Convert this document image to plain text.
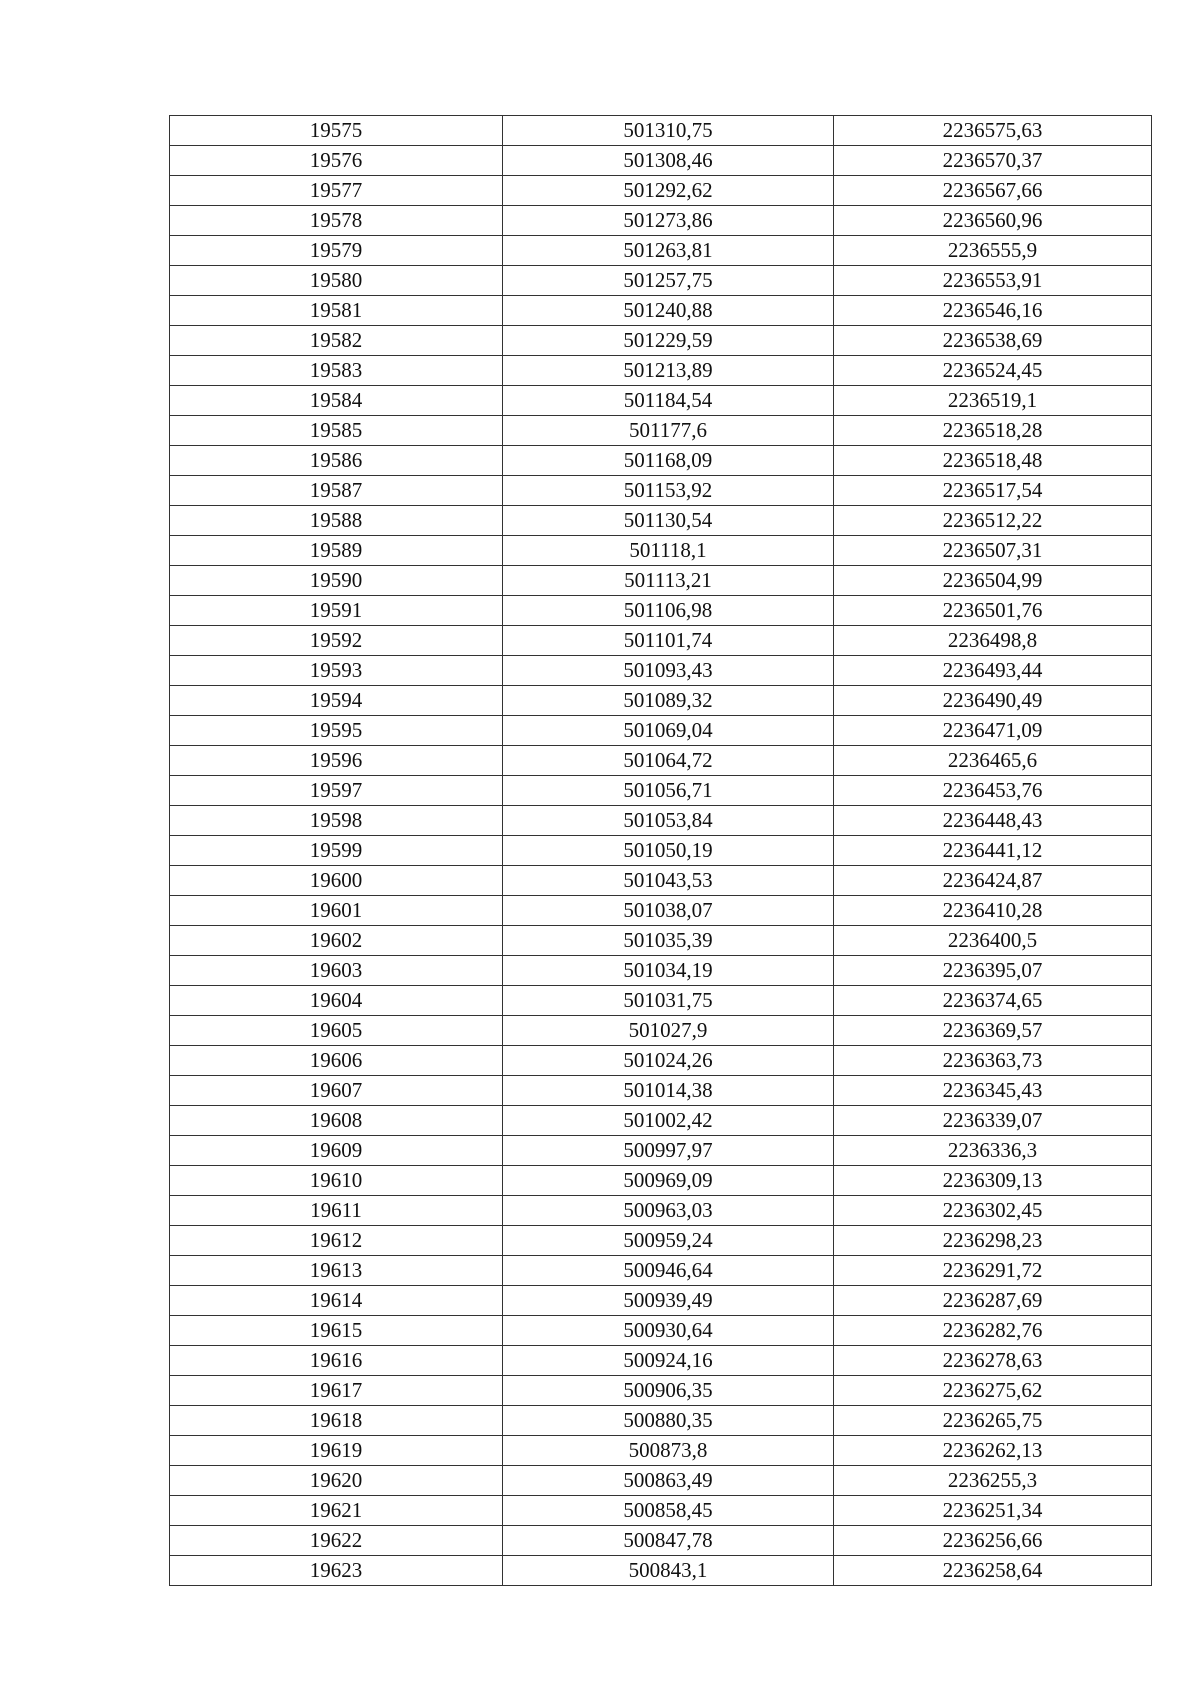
19575	501310,75	2236575,63
19576	501308,46	2236570,37
19577	501292,62	2236567,66
19578	501273,86	2236560,96
19579	501263,81	2236555,9
19580	501257,75	2236553,91
19581	501240,88	2236546,16
19582	501229,59	2236538,69
19583	501213,89	2236524,45
19584	501184,54	2236519,1
19585	501177,6	2236518,28
19586	501168,09	2236518,48
19587	501153,92	2236517,54
19588	501130,54	2236512,22
19589	501118,1	2236507,31
19590	501113,21	2236504,99
19591	501106,98	2236501,76
19592	501101,74	2236498,8
19593	501093,43	2236493,44
19594	501089,32	2236490,49
19595	501069,04	2236471,09
19596	501064,72	2236465,6
19597	501056,71	2236453,76
19598	501053,84	2236448,43
19599	501050,19	2236441,12
19600	501043,53	2236424,87
19601	501038,07	2236410,28
19602	501035,39	2236400,5
19603	501034,19	2236395,07
19604	501031,75	2236374,65
19605	501027,9	2236369,57
19606	501024,26	2236363,73
19607	501014,38	2236345,43
19608	501002,42	2236339,07
19609	500997,97	2236336,3
19610	500969,09	2236309,13
19611	500963,03	2236302,45
19612	500959,24	2236298,23
19613	500946,64	2236291,72
19614	500939,49	2236287,69
19615	500930,64	2236282,76
19616	500924,16	2236278,63
19617	500906,35	2236275,62
19618	500880,35	2236265,75
19619	500873,8	2236262,13
19620	500863,49	2236255,3
19621	500858,45	2236251,34
19622	500847,78	2236256,66
19623	500843,1	2236258,64
